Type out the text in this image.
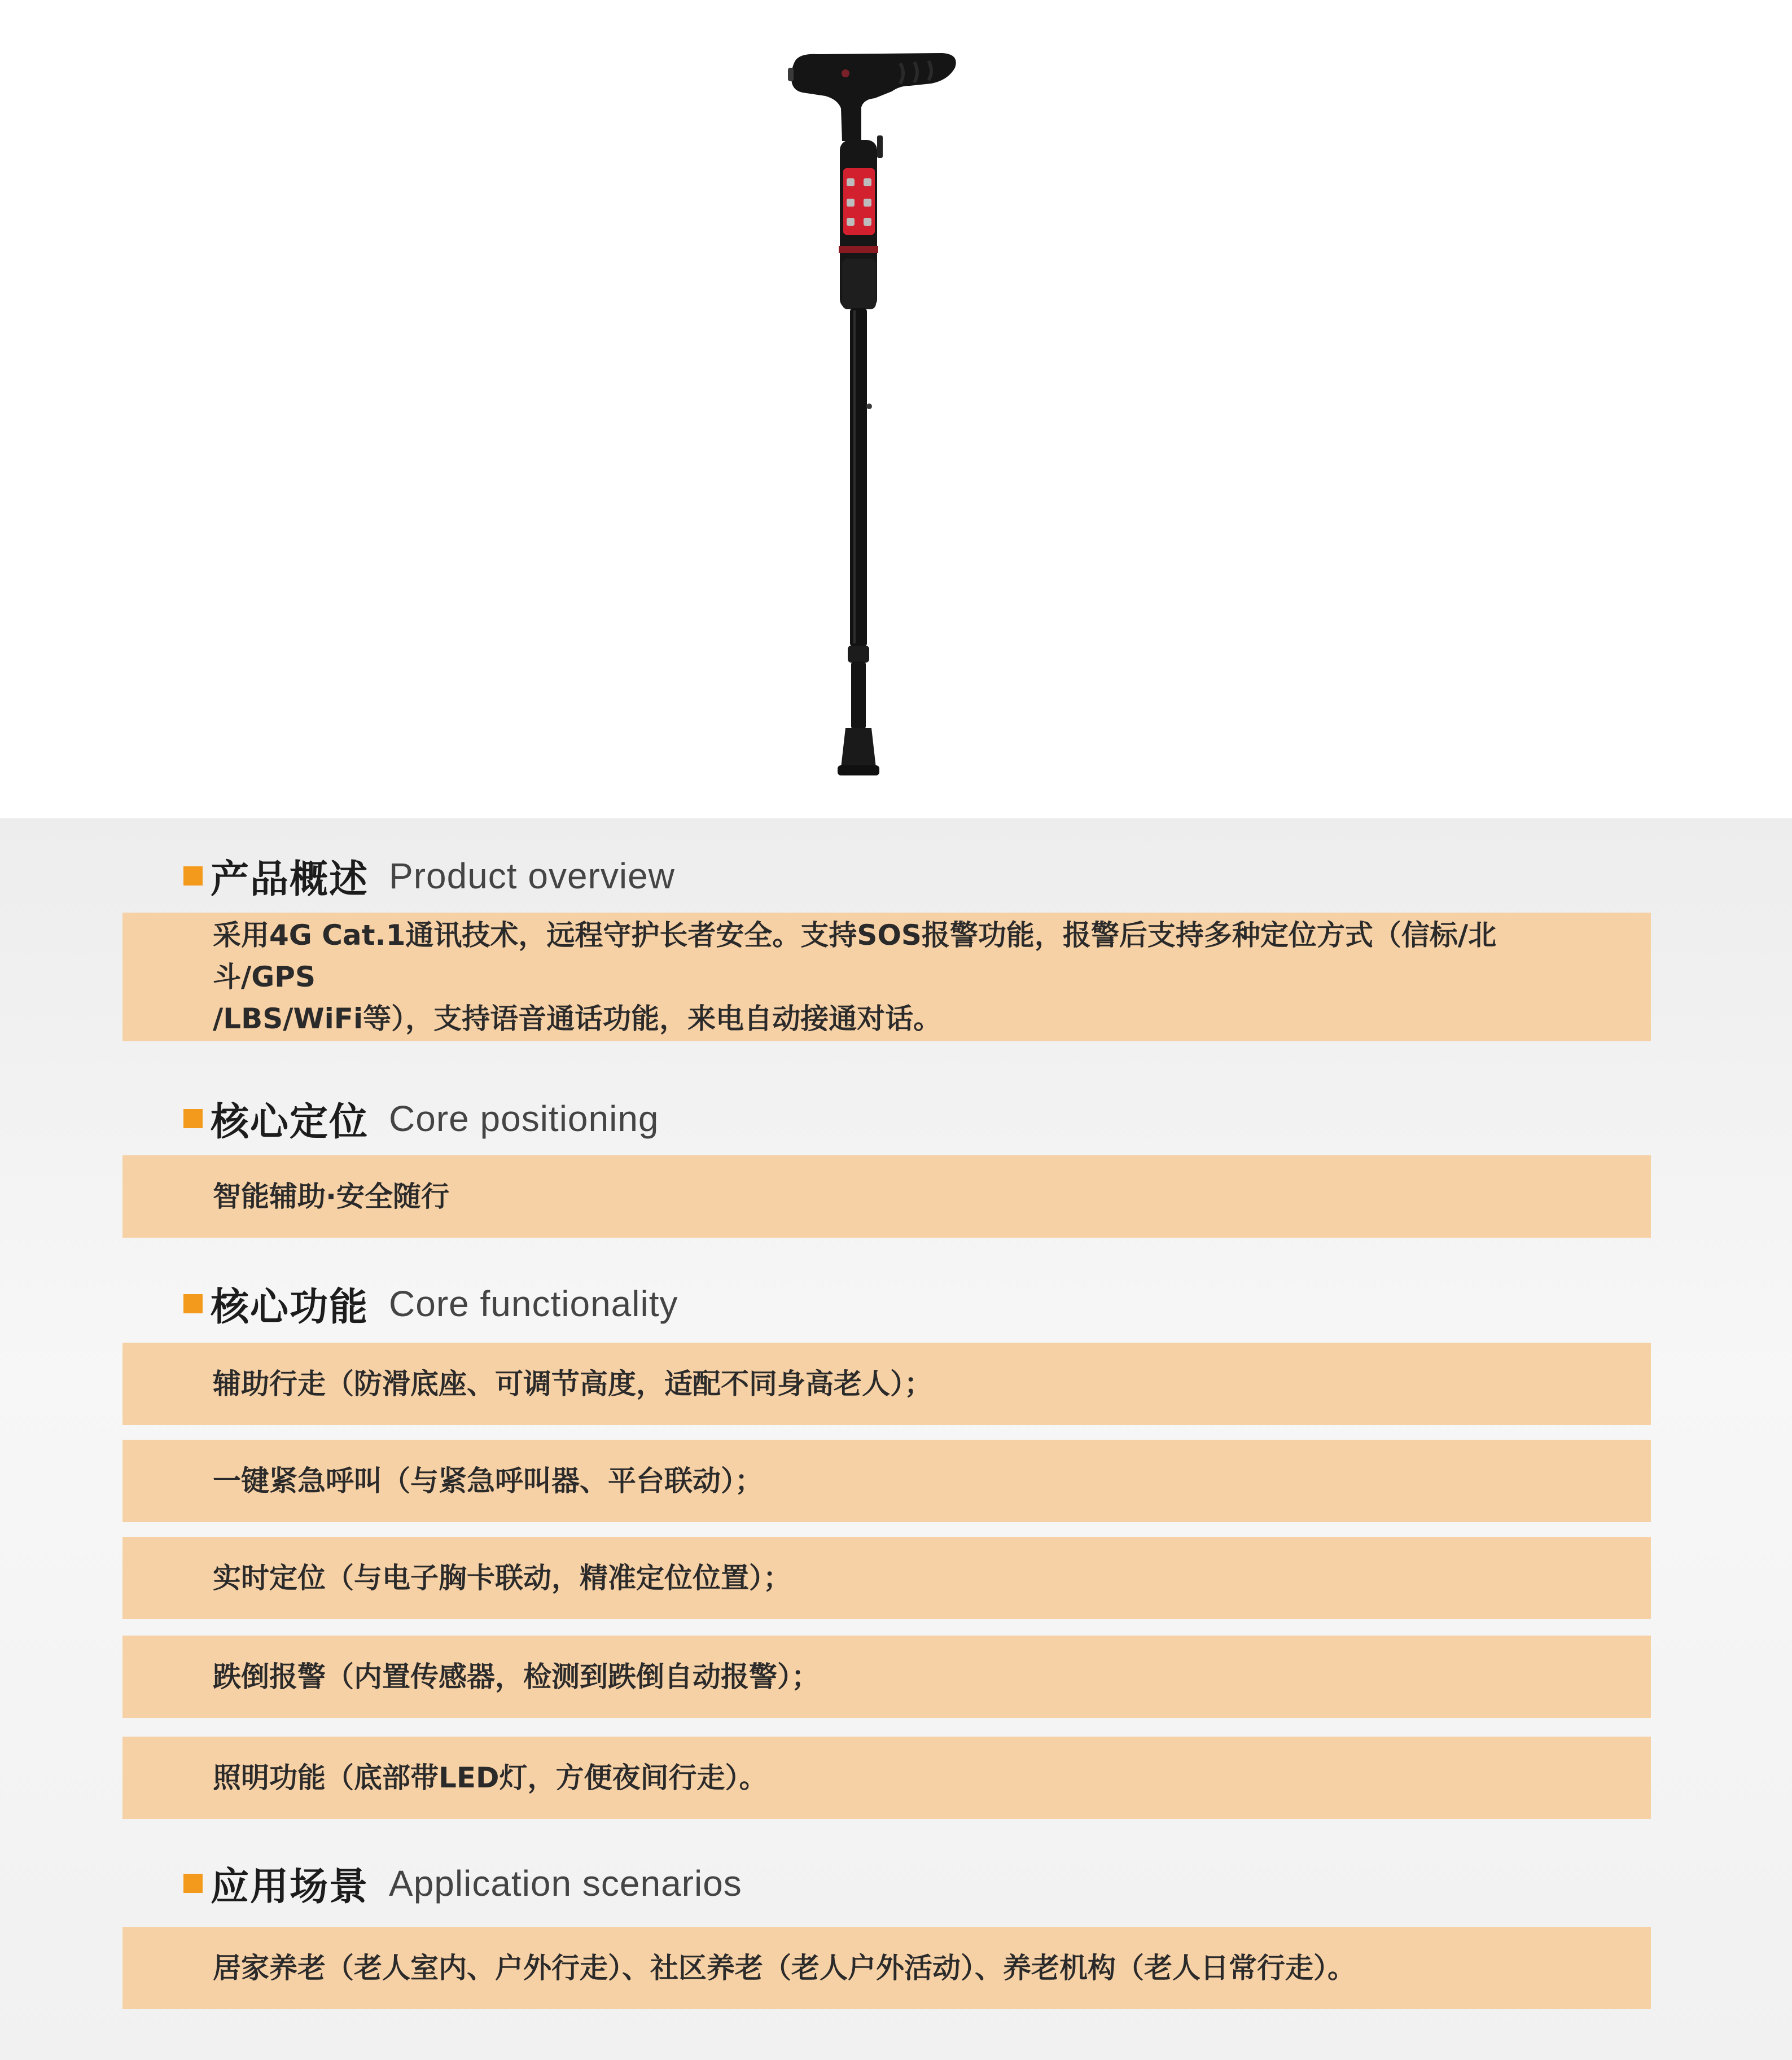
产品概述 Product overview
采用4G Cat.1通讯技术，远程守护长者安全。支持SOS报警功能，报警后支持多种定位方式（信标/北斗/GPS
/LBS/WiFi等），支持语音通话功能，来电自动接通对话。
核心定位 Core positioning
智能辅助·安全随行
核心功能 Core functionality
辅助行走（防滑底座、可调节高度，适配不同身高老人）；
一键紧急呼叫（与紧急呼叫器、平台联动）；
实时定位（与电子胸卡联动，精准定位位置）；
跌倒报警（内置传感器，检测到跌倒自动报警）；
照明功能（底部带LED灯，方便夜间行走）。
应用场景 Application scenarios
居家养老（老人室内、户外行走）、社区养老（老人户外活动）、养老机构（老人日常行走）。
